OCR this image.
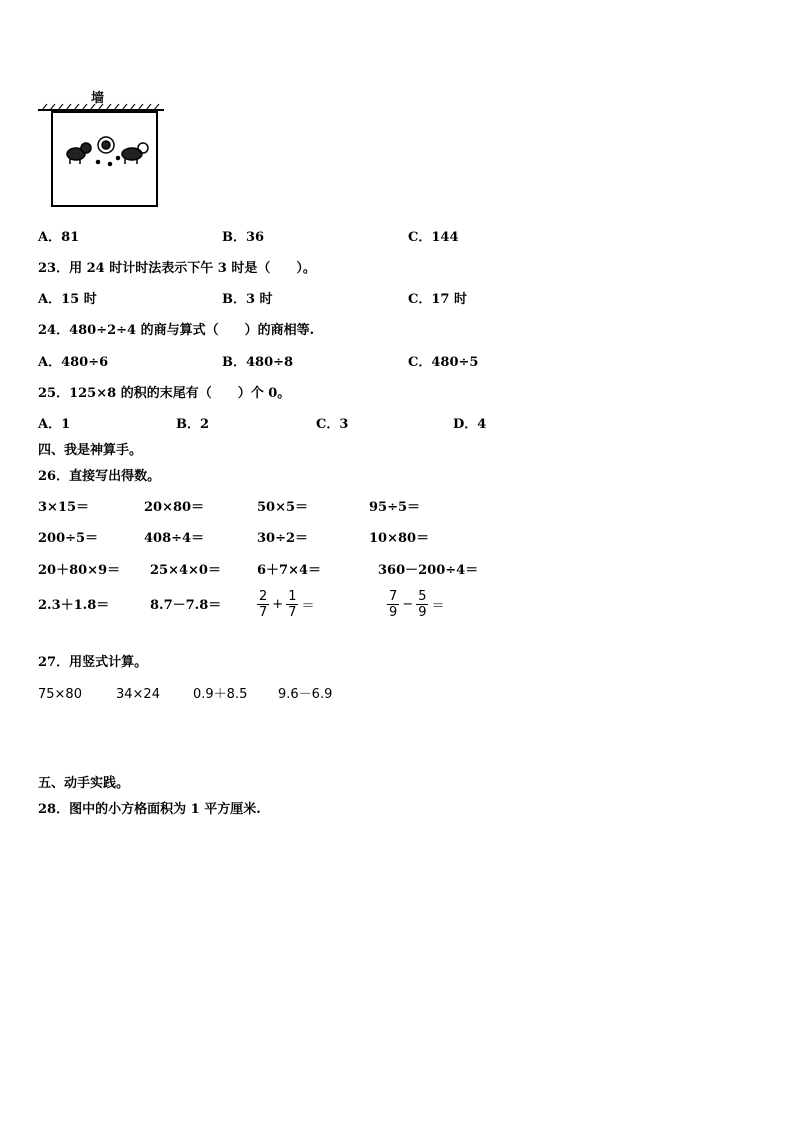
墙
A．81	B．36	C．144
23．用 24 时计时法表示下午 3 时是（　　）。
A．15 时	B．3 时	C．17 时
24．480÷2÷4 的商与算式（　　）的商相等.
A．480÷6	B．480÷8	C．480÷5
25．125×8 的积的末尾有（　　）个 0。
A．1	B．2	C．3	D．4
四、我是神算手。
26．直接写出得数。
3×15＝	20×80＝	50×5＝	95÷5＝
200÷5＝	408÷4＝	30÷2＝	10×80＝
20＋80×9＝ 25×4×0＝	6＋7×4＝	360－200÷4＝
2.3＋1.8＝	8.7－7.8＝	$\frac{2}{7} + \frac{1}{7}$ ＝	$\frac{7}{9} - \frac{5}{9}$ ＝
27．用竖式计算。
75×80	34×24	0.9＋8.5 9.6－6.9
五、动手实践。
28．图中的小方格面积为 1 平方厘米.
